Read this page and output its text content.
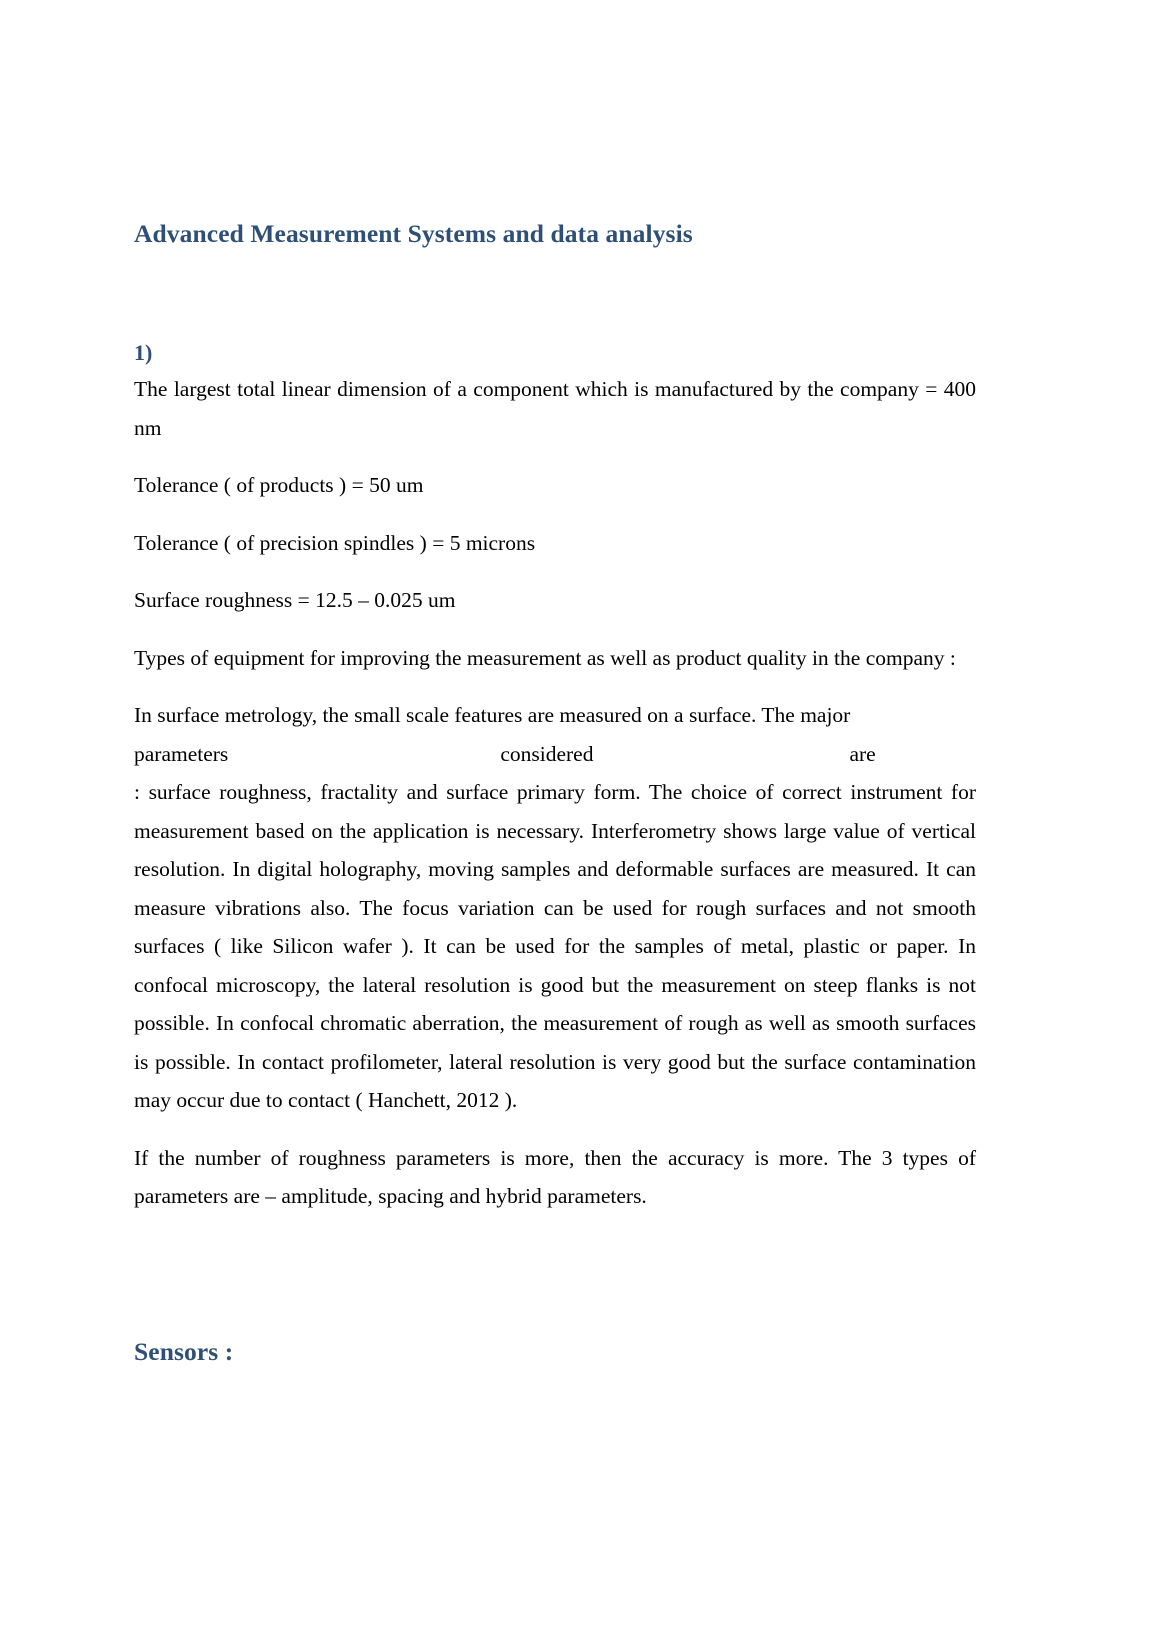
Advanced Measurement Systems and data analysis
1)

The largest total linear dimension of a component which is manufactured by the company = 400 nm

Tolerance ( of products ) = 50 um

Tolerance ( of precision spindles ) = 5 microns

Surface roughness = 12.5 – 0.025 um

Types of equipment for improving the measurement as well as product quality in the company :

In surface metrology, the small scale features are measured on a surface. The major
parameters	considered	are
: surface roughness, fractality and surface primary form. The choice of correct instrument for measurement based on the application is necessary. Interferometry shows large value of vertical resolution. In digital holography, moving samples and deformable surfaces are measured. It can measure vibrations also. The focus variation can be used for rough surfaces and not smooth surfaces ( like Silicon wafer ). It can be used for the samples of metal, plastic or paper. In confocal microscopy, the lateral resolution is good but the measurement on steep flanks is not possible. In confocal chromatic aberration, the measurement of rough as well as smooth surfaces is possible. In contact profilometer, lateral resolution is very good but the surface contamination may occur due to contact ( Hanchett, 2012 ).

If the number of roughness parameters is more, then the accuracy is more. The 3 types of parameters are – amplitude, spacing and hybrid parameters.

Sensors :
